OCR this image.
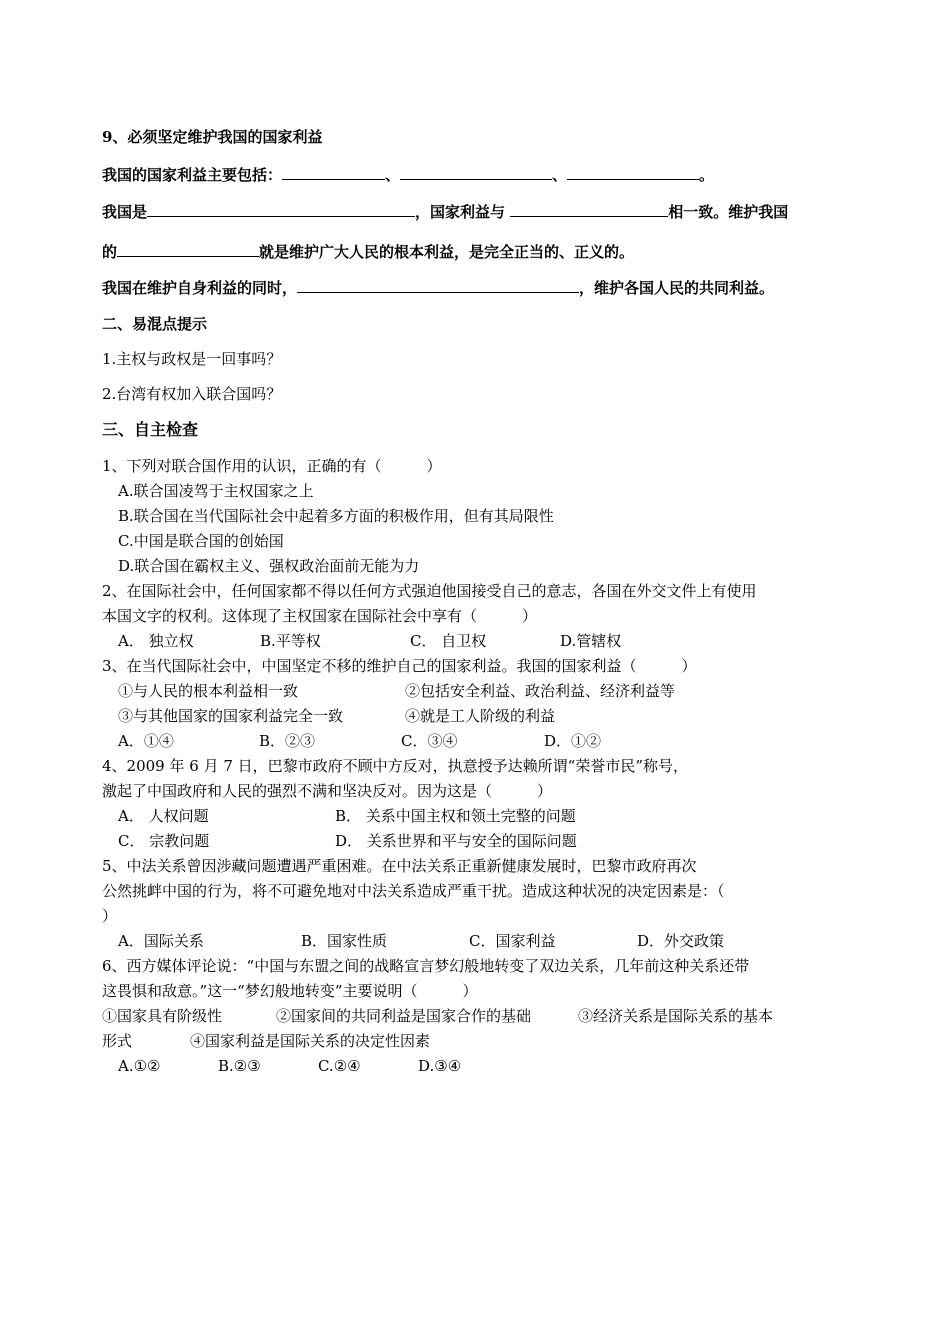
9、必须坚定维护我国的国家利益
我国的国家利益主要包括：	、	、	。
我国是	，国家利益与	相一致。维护我国
的	就是维护广大人民的根本利益，是完全正当的、正义的。
我国在维护自身利益的同时，	，维护各国人民的共同利益。
二、易混点提示
1.主权与政权是一回事吗？
2.台湾有权加入联合国吗？
三、自主检查
1、下列对联合国作用的认识，正确的有（　　　）
A.联合国凌驾于主权国家之上
B.联合国在当代国际社会中起着多方面的积极作用，但有其局限性
C.中国是联合国的创始国
D.联合国在霸权主义、强权政治面前无能为力
2、在国际社会中，任何国家都不得以任何方式强迫他国接受自己的意志，各国在外交文件上有使用
本国文字的权利。这体现了主权国家在国际社会中享有（　　　）
A． 独立权	B.平等权	C． 自卫权	D.管辖权
3、在当代国际社会中，中国坚定不移的维护自己的国家利益。我国的国家利益（　　　）
①与人民的根本利益相一致	②包括安全利益、政治利益、经济利益等
③与其他国家的国家利益完全一致	④就是工人阶级的利益
A．①④	B．②③	C．③④	D．①②
4、2009 年 6 月 7 日，巴黎市政府不顾中方反对，执意授予达赖所谓“荣誉市民”称号，
激起了中国政府和人民的强烈不满和坚决反对。因为这是（　　　）
A． 人权问题	B． 关系中国主权和领土完整的问题
C． 宗教问题	D． 关系世界和平与安全的国际问题
5、中法关系曾因涉藏问题遭遇严重困难。在中法关系正重新健康发展时，巴黎市政府再次
公然挑衅中国的行为，将不可避免地对中法关系造成严重干扰。造成这种状况的决定因素是：（
）
A．国际关系	B．国家性质	C．国家利益	D．外交政策
6、西方媒体评论说：“中国与东盟之间的战略宣言梦幻般地转变了双边关系，几年前这种关系还带
这畏惧和敌意。”这一“梦幻般地转变”主要说明（　　　）
①国家具有阶级性	②国家间的共同利益是国家合作的基础	③经济关系是国际关系的基本
形式	④国家利益是国际关系的决定性因素
A.①②	B.②③	C.②④	D.③④
